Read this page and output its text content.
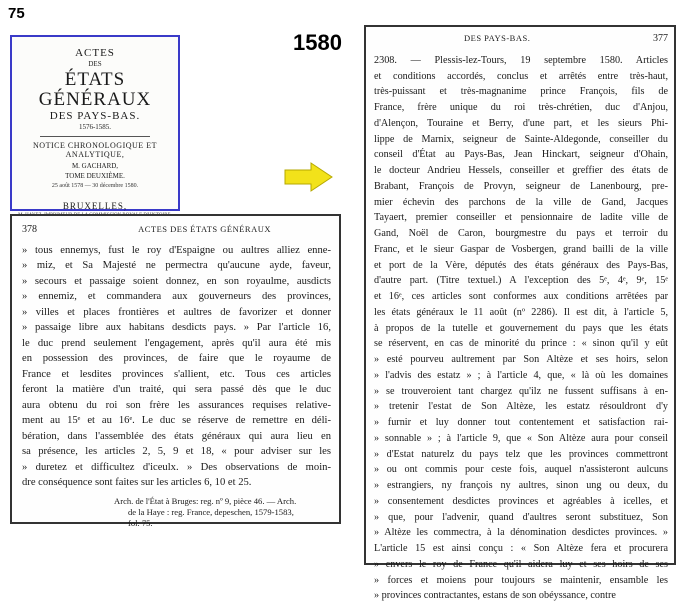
75
1580
ACTES
DES
ÉTATS GÉNÉRAUX
DES PAYS-BAS.
1576-1585.
NOTICE CHRONOLOGIQUE ET ANALYTIQUE,
M. GACHARD,
TOME DEUXIÈME.
25 août 1578 — 30 décembre 1580.
BRUXELLES,
378	ACTES DES ÉTATS GÉNÉRAUX
» tous ennemys, fust le roy d'Espaigne ou aultres alliez enne-
» miz, et Sa Majesté ne permectra qu'aucune ayde, faveur,
» secours et passaige soient donnez, en son royaulme, ausdicts
» ennemiz, et commandera aux gouverneurs des provinces,
» villes et places frontières et aultres de favorizer et donner
» passaige libre aux habitans desdicts pays. » Par l'article 16,
le duc prend seulement l'engagement, après qu'il aura été mis
en possession des provinces, de faire que le royaume de
France et lesdites provinces s'allient, etc. Tous ces articles
feront la matière d'un traité, qui sera passé dès que le duc
aura obtenu du roi son frère les assurances requises relative-
ment au 15ᵉ et au 16ᵉ. Le duc se réserve de remettre en déli-
bération, dans l'assemblée des états généraux qui aura lieu en
sa présence, les articles 2, 5, 9 et 18, « pour adviser sur les
» duretez et difficultez d'iceulx. » Des observations de moin-
dre conséquence sont faites sur les articles 6, 10 et 25.
Arch. de l'État à Bruges: reg. nº 9, pièce 46. — Arch.
de la Haye : reg. France, depeschen, 1579-1583,
fol. 75.
DES PAYS-BAS.	377
2308. — Plessis-lez-Tours, 19 septembre 1580. Articles
et conditions accordés, conclus et arrêtés entre très-haut,
très-puissant et très-magnanime prince François, fils de
France, frère unique du roi très-chrétien, duc d'Anjou,
d'Alençon, Touraine et Berry, d'une part, et les sieurs Phi-
lippe de Marnix, seigneur de Sainte-Aldegonde, conseiller du
conseil d'État au Pays-Bas, Jean Hinckart, seigneur d'Ohain,
le docteur Andrieu Hessels, conseiller et greffier des états de
Brabant, François de Provyn, seigneur de Lanenbourg, pre-
mier échevin des parchons de la ville de Gand, Jacques
Tayaert, premier conseiller et pensionnaire de ladite ville de
Gand, Noël de Caron, bourgmestre du pays et terroir du
Franc, et le sieur Gaspar de Vosbergen, grand bailli de la ville
et port de la Vère, députés des états généraux des Pays-Bas,
d'autre part. (Titre textuel.) A l'exception des 5ᵉ, 4ᵉ, 9ᵉ, 15ᵉ
et 16ᵉ, ces articles sont conformes aux conditions arrêtées par
les états généraux le 11 août (nº 2286). Il est dit, à l'article 5,
à propos de la tutelle et gouvernement du pays que les états
se réservent, en cas de minorité du prince : « sinon qu'il y eût
» esté pourveu aultrement par Son Altèze et ses hoirs, selon
» l'advis des estatz » ; à l'article 4, que, « là où les domaines
» se trouveroient tant chargez qu'ilz ne fussent suffisans à en-
» tretenir l'estat de Son Altèze, les estatz résouldront d'y
» furnir et luy donner tout contentement et satisfaction rai-
» sonnable » ; à l'article 9, que « Son Altèze aura pour conseil
» d'Estat naturelz du pays telz que les provinces commettront
» ou ont commis pour ceste fois, auquel n'assisteront aulcuns
» estrangiers, ny françois ny aultres, sinon ung ou deux, du
» consentement desdictes provinces et agréables à icelles, et
» que, pour l'advenir, quand d'aultres seront substituez, Son
» Altèze les commectra, à la dénomination desdictes provinces. »
L'article 15 est ainsi conçu : « Son Altèze fera et procurera
» envers le roy de France qu'il aidera luy et ses hoirs de ses
» forces et moiens pour toujours se maintenir, ensamble les
» provinces contractantes, estans de son obéyssance, contre
